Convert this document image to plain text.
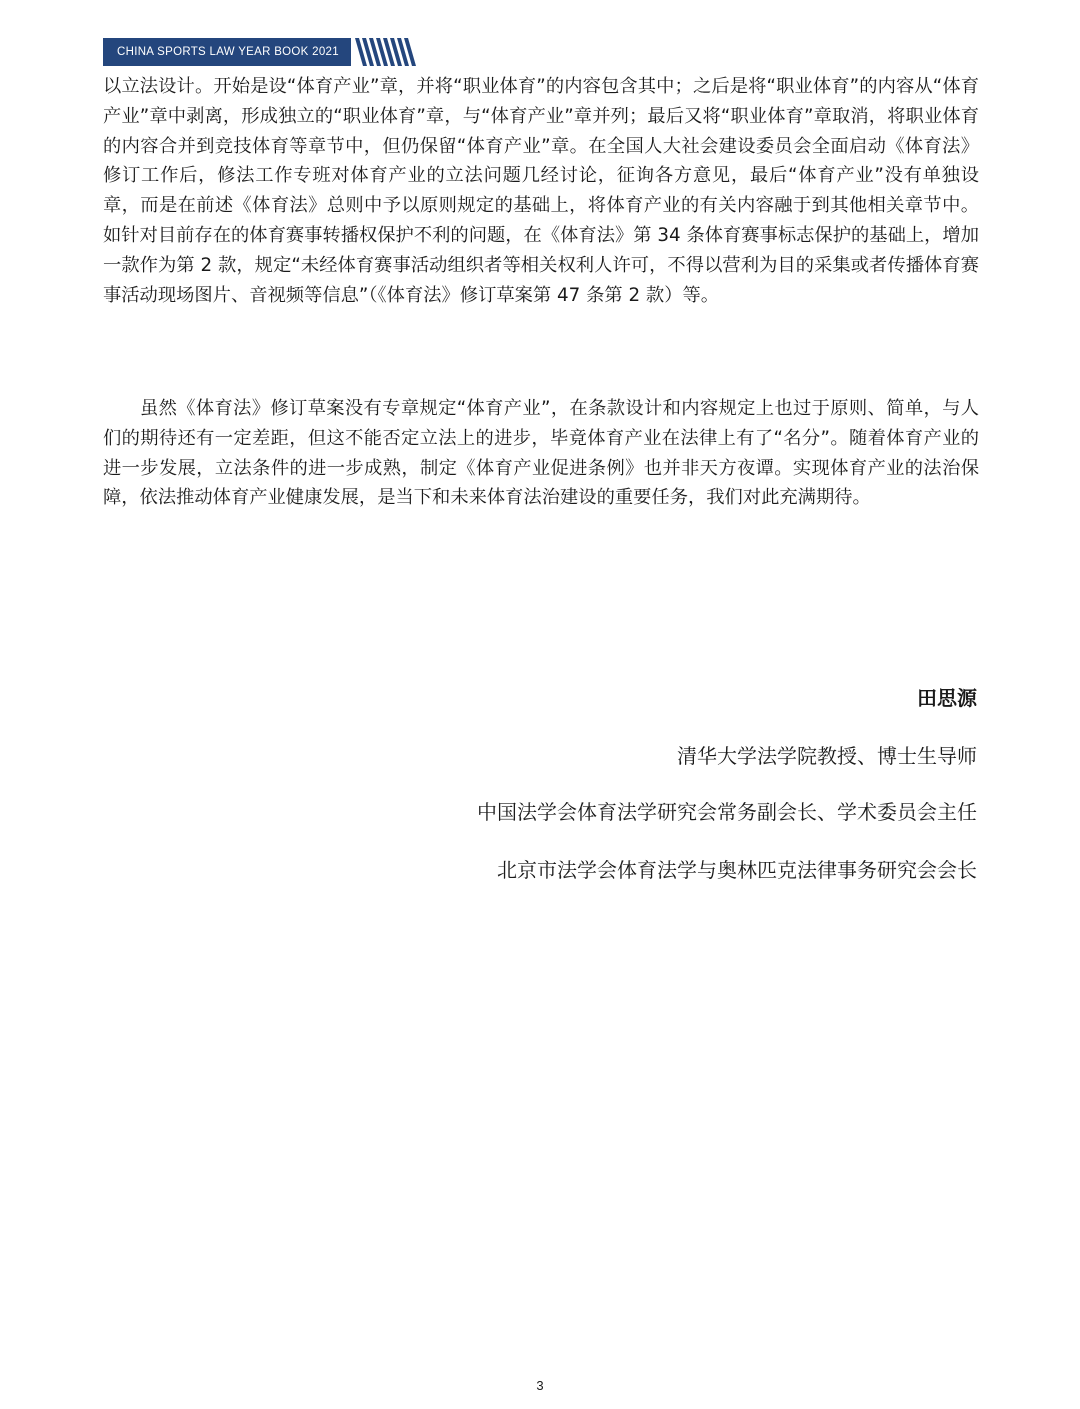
CHINA SPORTS LAW YEAR BOOK 2021

以立法设计。开始是设“体育产业”章，并将“职业体育”的内容包含其中；之后是将“职业体育”的内容从“体育产业”章中剥离，形成独立的“职业体育”章，与“体育产业”章并列；最后又将“职业体育”章取消，将职业体育的内容合并到竞技体育等章节中，但仍保留“体育产业”章。在全国人大社会建设委员会全面启动《体育法》修订工作后，修法工作专班对体育产业的立法问题几经讨论，征询各方意见，最后“体育产业”没有单独设章，而是在前述《体育法》总则中予以原则规定的基础上，将体育产业的有关内容融于到其他相关章节中。如针对目前存在的体育赛事转播权保护不利的问题，在《体育法》第 34 条体育赛事标志保护的基础上，增加一款作为第 2 款，规定“未经体育赛事活动组织者等相关权利人许可，不得以营利为目的采集或者传播体育赛事活动现场图片、音视频等信息”（《体育法》修订草案第 47 条第 2 款）等。

虽然《体育法》修订草案没有专章规定“体育产业”，在条款设计和内容规定上也过于原则、简单，与人们的期待还有一定差距，但这不能否定立法上的进步，毕竟体育产业在法律上有了“名分”。随着体育产业的进一步发展，立法条件的进一步成熟，制定《体育产业促进条例》也并非天方夜谭。实现体育产业的法治保障，依法推动体育产业健康发展，是当下和未来体育法治建设的重要任务，我们对此充满期待。

田思源

清华大学法学院教授、博士生导师

中国法学会体育法学研究会常务副会长、学术委员会主任

北京市法学会体育法学与奥林匹克法律事务研究会会长

3
